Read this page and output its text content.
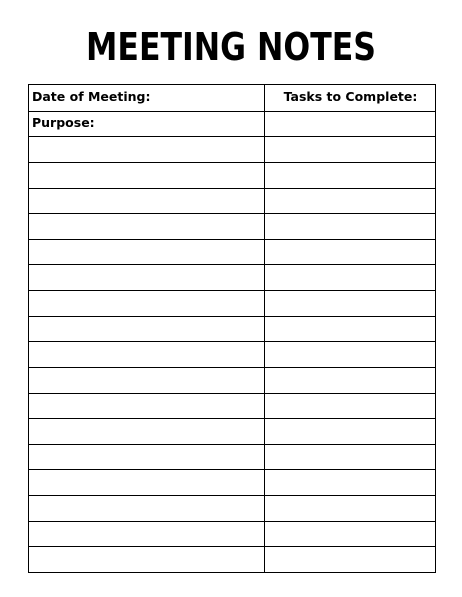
MEETING NOTES
Date of Meeting:	Tasks to Complete:
Purpose:
